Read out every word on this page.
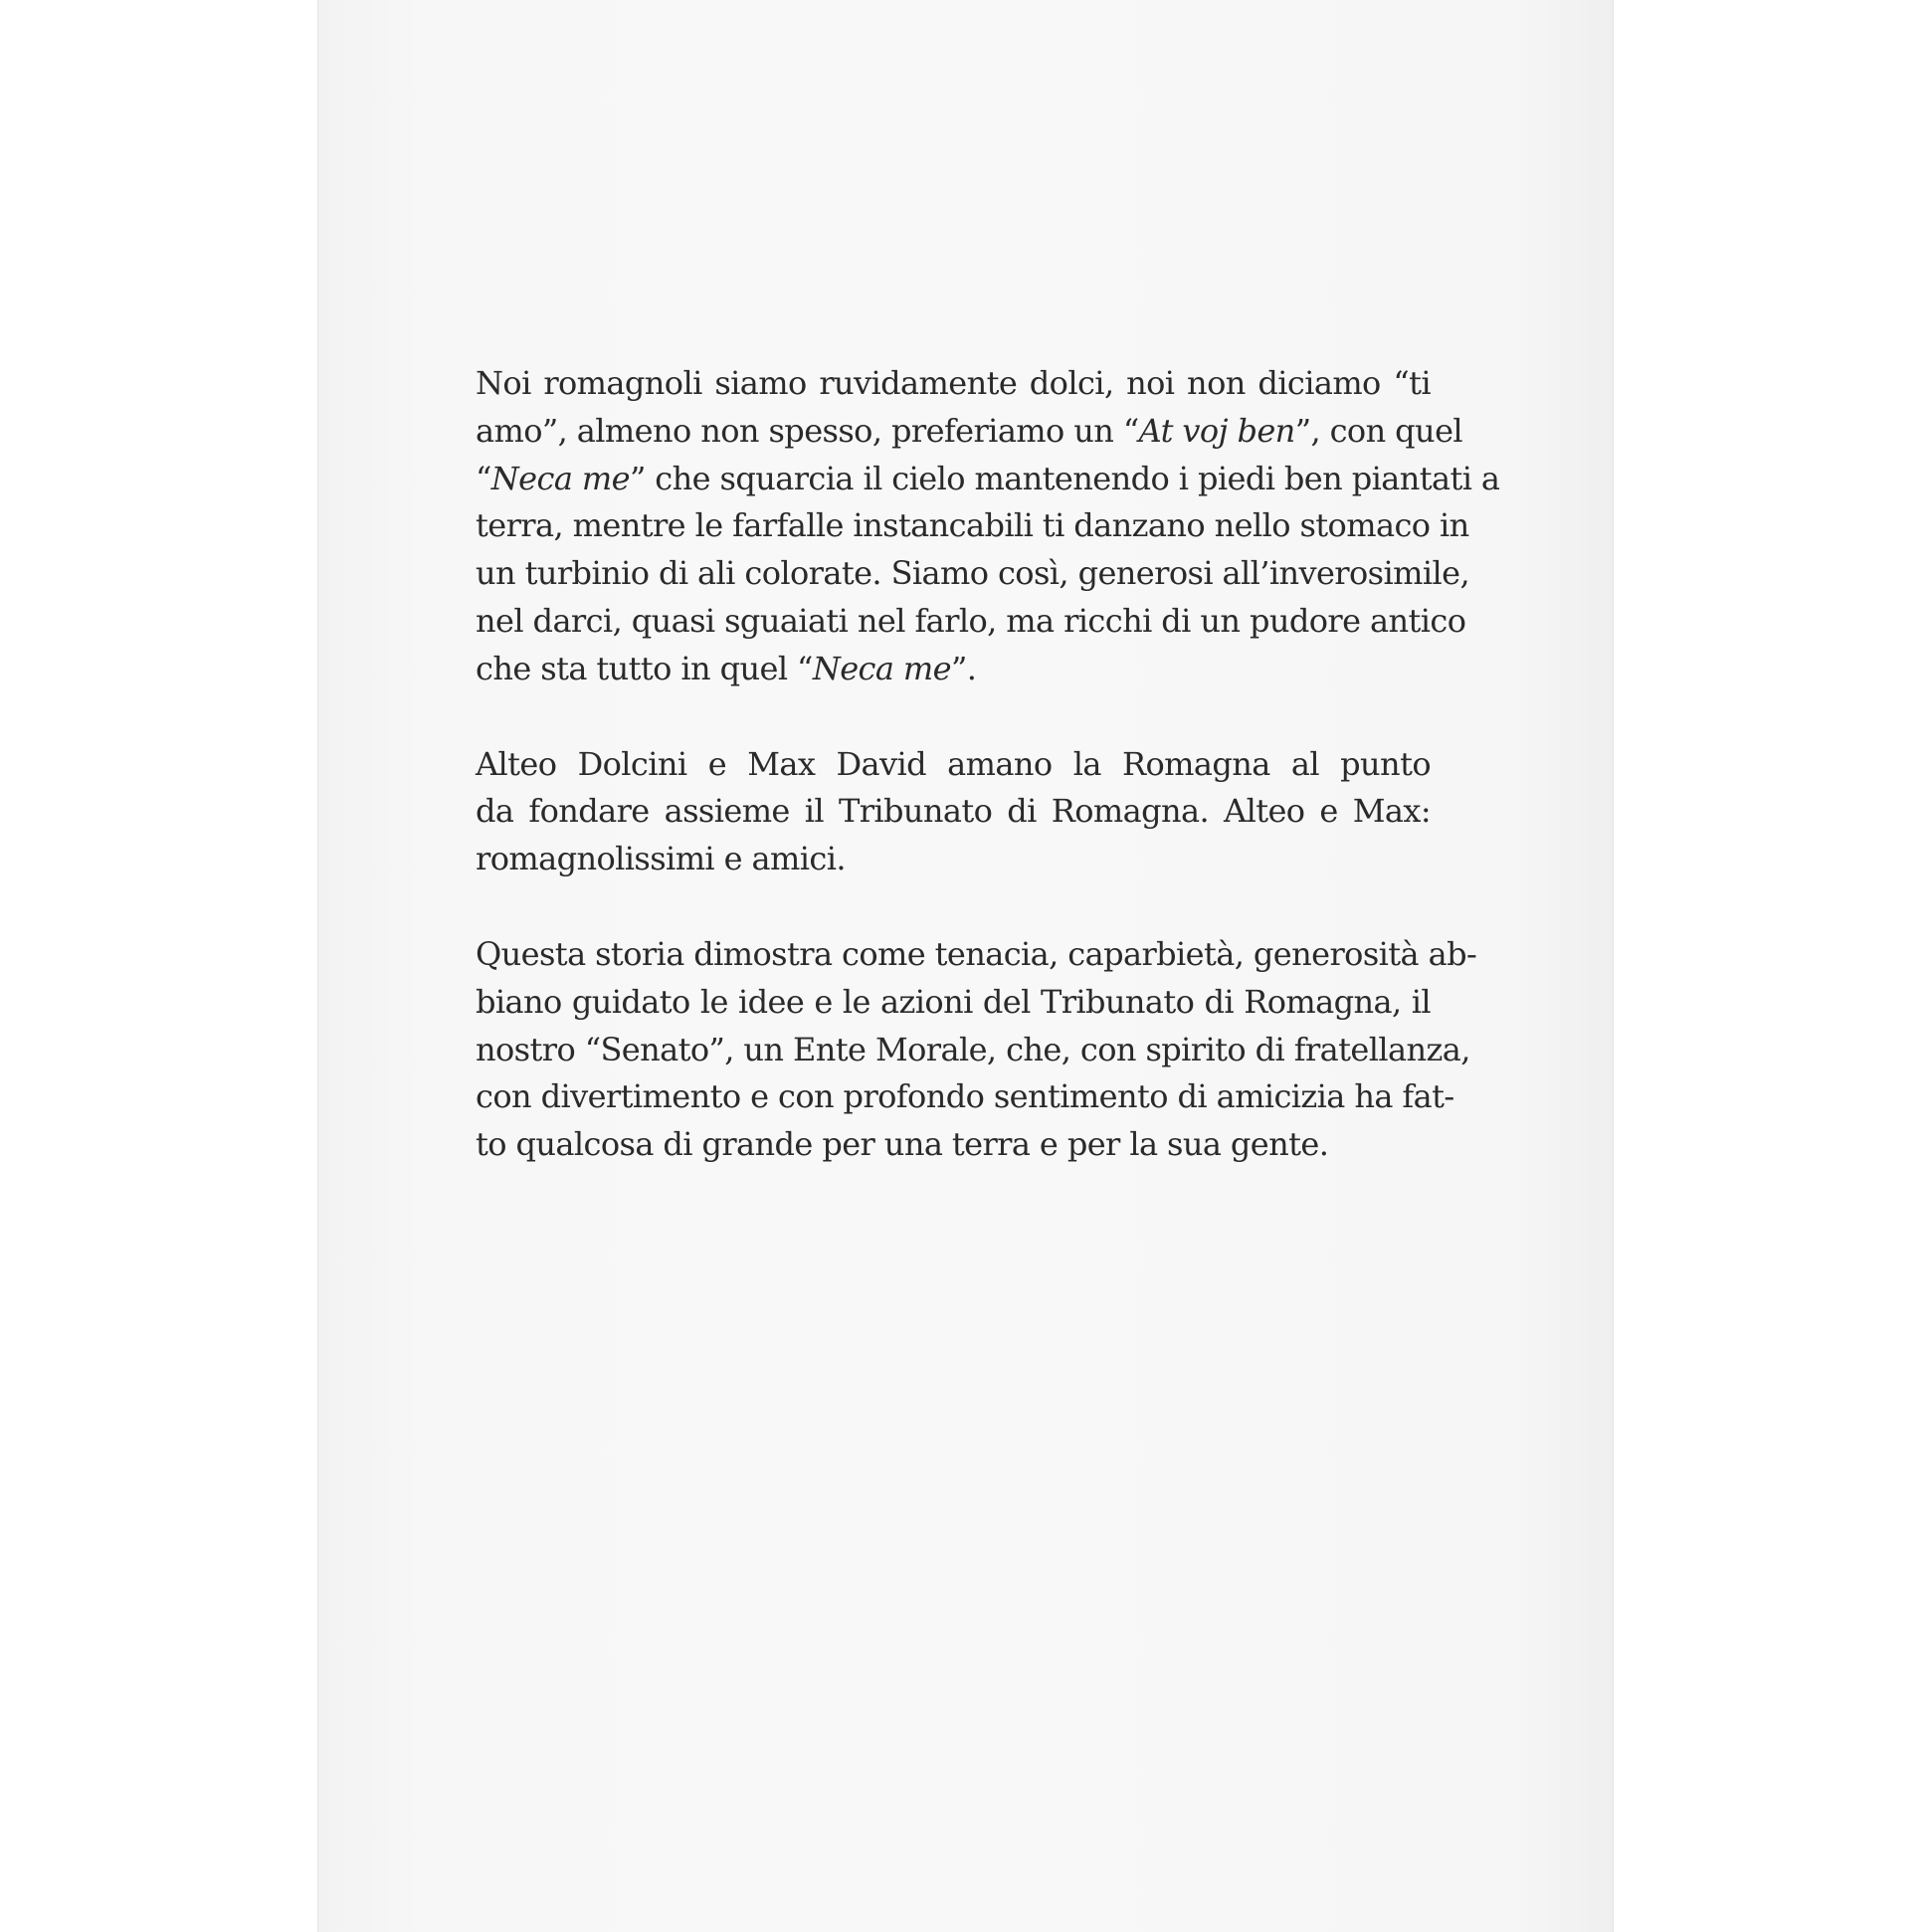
Noi romagnoli siamo ruvidamente dolci, noi non diciamo “ti
amo”, almeno non spesso, preferiamo un “At voj ben”, con quel
“Neca me” che squarcia il cielo mantenendo i piedi ben piantati a
terra, mentre le farfalle instancabili ti danzano nello stomaco in
un turbinio di ali colorate. Siamo così, generosi all’inverosimile,
nel darci, quasi sguaiati nel farlo, ma ricchi di un pudore antico
che sta tutto in quel “Neca me”.
Alteo Dolcini e Max David amano la Romagna al punto
da fondare assieme il Tribunato di Romagna. Alteo e Max:
romagnolissimi e amici.
Questa storia dimostra come tenacia, caparbietà, generosità ab-
biano guidato le idee e le azioni del Tribunato di Romagna, il
nostro “Senato”, un Ente Morale, che, con spirito di fratellanza,
con divertimento e con profondo sentimento di amicizia ha fat-
to qualcosa di grande per una terra e per la sua gente.
